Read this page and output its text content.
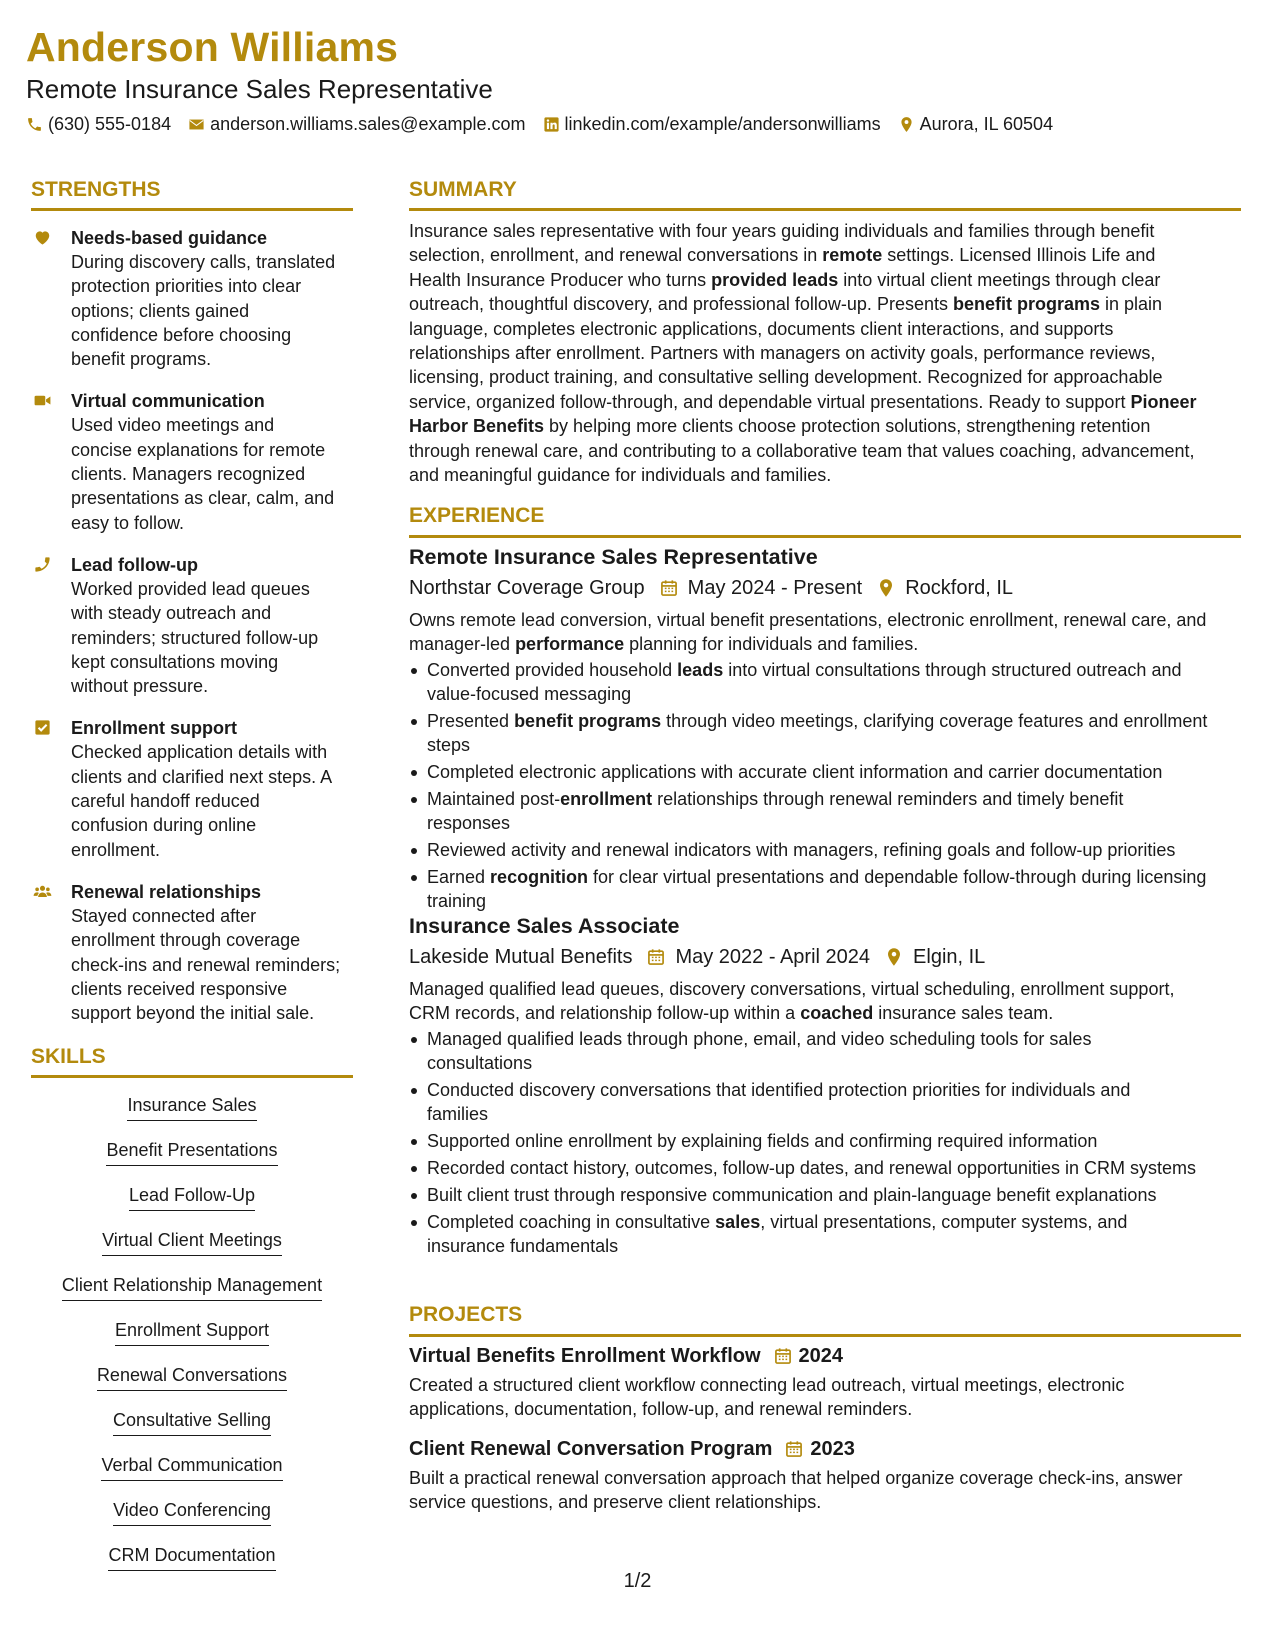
Anderson Williams
Remote Insurance Sales Representative
(630) 555-0184 anderson.williams.sales@example.com linkedin.com/example/andersonwilliams Aurora, IL 60504
STRENGTHS
Needs-based guidance
During discovery calls, translated
protection priorities into clear
options; clients gained
confidence before choosing
benefit programs.
Virtual communication
Used video meetings and
concise explanations for remote
clients. Managers recognized
presentations as clear, calm, and
easy to follow.
Lead follow-up
Worked provided lead queues
with steady outreach and
reminders; structured follow-up
kept consultations moving
without pressure.
Enrollment support
Checked application details with
clients and clarified next steps. A
careful handoff reduced
confusion during online
enrollment.
Renewal relationships
Stayed connected after
enrollment through coverage
check-ins and renewal reminders;
clients received responsive
support beyond the initial sale.
SKILLS
Insurance Sales
Benefit Presentations
Lead Follow-Up
Virtual Client Meetings
Client Relationship Management
Enrollment Support
Renewal Conversations
Consultative Selling
Verbal Communication
Video Conferencing
CRM Documentation
SUMMARY
Insurance sales representative with four years guiding individuals and families through benefit
selection, enrollment, and renewal conversations in remote settings. Licensed Illinois Life and
Health Insurance Producer who turns provided leads into virtual client meetings through clear
outreach, thoughtful discovery, and professional follow-up. Presents benefit programs in plain
language, completes electronic applications, documents client interactions, and supports
relationships after enrollment. Partners with managers on activity goals, performance reviews,
licensing, product training, and consultative selling development. Recognized for approachable
service, organized follow-through, and dependable virtual presentations. Ready to support Pioneer
Harbor Benefits by helping more clients choose protection solutions, strengthening retention
through renewal care, and contributing to a collaborative team that values coaching, advancement,
and meaningful guidance for individuals and families.
EXPERIENCE
Remote Insurance Sales Representative
Northstar Coverage Group May 2024 - Present Rockford, IL
Owns remote lead conversion, virtual benefit presentations, electronic enrollment, renewal care, and
manager-led performance planning for individuals and families.
Converted provided household leads into virtual consultations through structured outreach and
value-focused messaging
Presented benefit programs through video meetings, clarifying coverage features and enrollment
steps
Completed electronic applications with accurate client information and carrier documentation
Maintained post-enrollment relationships through renewal reminders and timely benefit
responses
Reviewed activity and renewal indicators with managers, refining goals and follow-up priorities
Earned recognition for clear virtual presentations and dependable follow-through during licensing
training
Insurance Sales Associate
Lakeside Mutual Benefits May 2022 - April 2024 Elgin, IL
Managed qualified lead queues, discovery conversations, virtual scheduling, enrollment support,
CRM records, and relationship follow-up within a coached insurance sales team.
Managed qualified leads through phone, email, and video scheduling tools for sales
consultations
Conducted discovery conversations that identified protection priorities for individuals and
families
Supported online enrollment by explaining fields and confirming required information
Recorded contact history, outcomes, follow-up dates, and renewal opportunities in CRM systems
Built client trust through responsive communication and plain-language benefit explanations
Completed coaching in consultative sales, virtual presentations, computer systems, and
insurance fundamentals
PROJECTS
Virtual Benefits Enrollment Workflow 2024
Created a structured client workflow connecting lead outreach, virtual meetings, electronic
applications, documentation, follow-up, and renewal reminders.
Client Renewal Conversation Program 2023
Built a practical renewal conversation approach that helped organize coverage check-ins, answer
service questions, and preserve client relationships.
1/2
